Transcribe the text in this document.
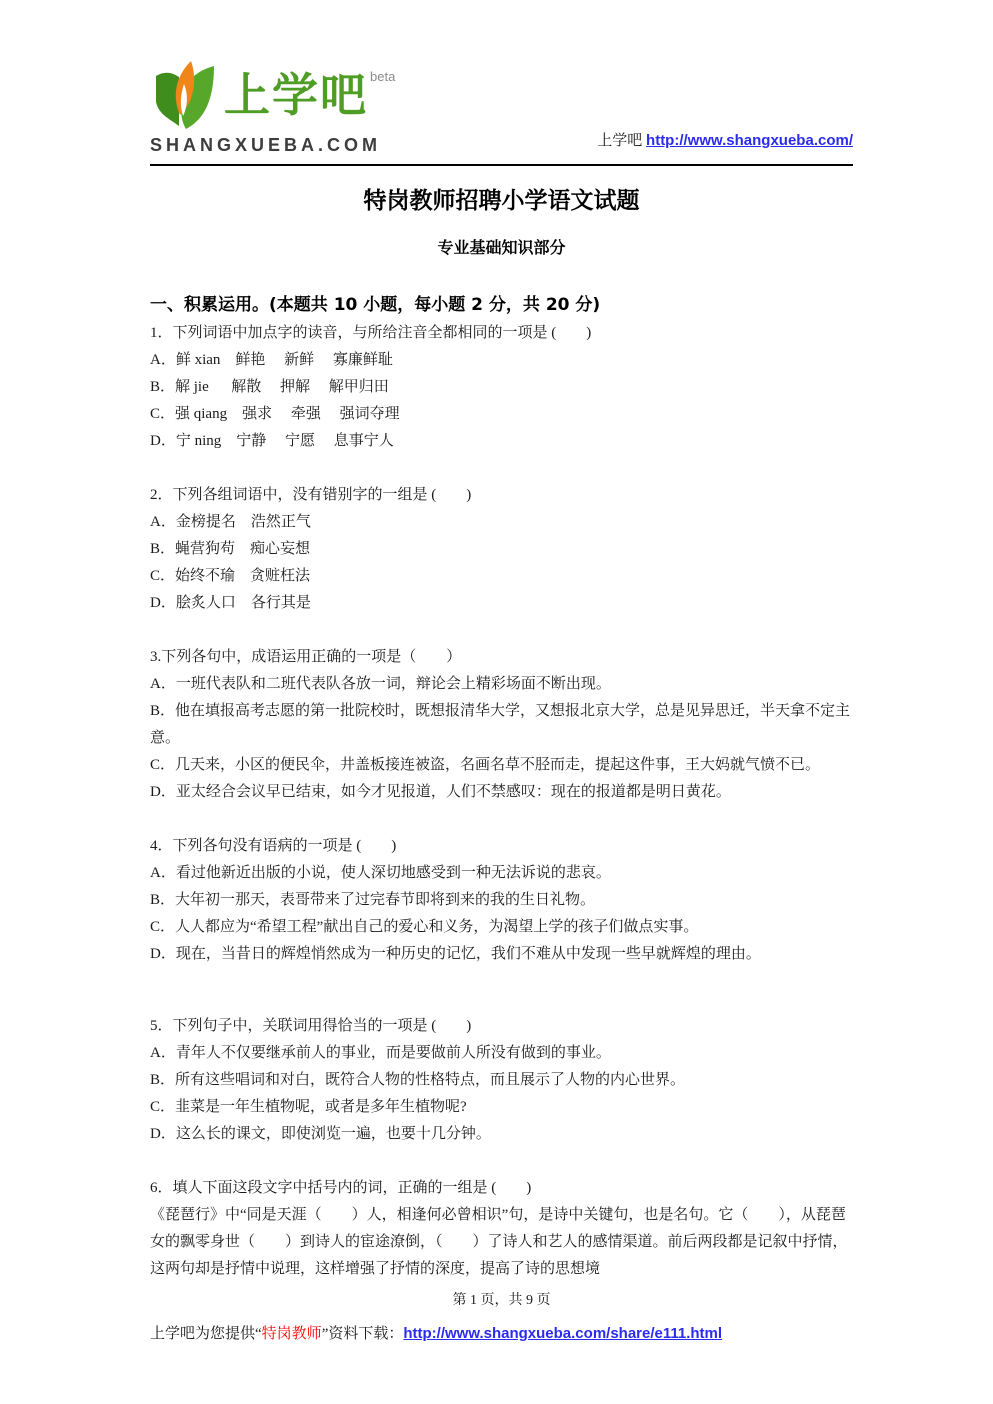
上学吧 beta
SHANGXUEBA.COM	上学吧 http://www.shangxueba.com/
特岗教师招聘小学语文试题
专业基础知识部分
一、积累运用。(本题共 10 小题，每小题 2 分，共 20 分)

1．下列词语中加点字的读音，与所给注音全都相同的一项是 (　　)

A．鲜 xian　鲜艳　 新鲜　 寡廉鲜耻

B．解 jie　  解散　 押解　 解甲归田

C．强 qiang　强求　 牵强　 强词夺理

D．宁 ning　宁静　 宁愿　 息事宁人

2．下列各组词语中，没有错别字的一组是 (　　)

A．金榜提名　浩然正气

B．蝇营狗苟　痴心妄想

C．始终不瑜　贪赃枉法

D．脍炙人口　各行其是

3.下列各句中，成语运用正确的一项是（　　）

A．一班代表队和二班代表队各放一词，辩论会上精彩场面不断出现。

B．他在填报高考志愿的第一批院校时，既想报清华大学，又想报北京大学，总是见异思迁，半天拿不定主意。

C．几天来，小区的便民伞，井盖板接连被盗，名画名草不胫而走，提起这件事，王大妈就气愤不已。

D．亚太经合会议早已结束，如今才见报道，人们不禁感叹：现在的报道都是明日黄花。

4．下列各句没有语病的一项是 (　　)

A．看过他新近出版的小说，使人深切地感受到一种无法诉说的悲哀。

B．大年初一那天，表哥带来了过完春节即将到来的我的生日礼物。

C．人人都应为“希望工程”献出自己的爱心和义务，为渴望上学的孩子们做点实事。

D．现在，当昔日的辉煌悄然成为一种历史的记忆，我们不难从中发现一些早就辉煌的理由。

5．下列句子中，关联词用得恰当的一项是 (　　)

A．青年人不仅要继承前人的事业，而是要做前人所没有做到的事业。

B．所有这些唱词和对白，既符合人物的性格特点，而且展示了人物的内心世界。

C．韭菜是一年生植物呢，或者是多年生植物呢?

D．这么长的课文，即使浏览一遍，也要十几分钟。

6．填人下面这段文字中括号内的词，正确的一组是 (　　)

《琵琶行》中“同是天涯（　　）人，相逢何必曾相识”句，是诗中关键句，也是名句。它（　　），从琵琶女的飘零身世（　　）到诗人的宦途潦倒，（　　）了诗人和艺人的感情渠道。前后两段都是记叙中抒情，这两句却是抒情中说理，这样增强了抒情的深度，提高了诗的思想境

第 1 页，共 9 页
上学吧为您提供“特岗教师”资料下载：http://www.shangxueba.com/share/e111.html
